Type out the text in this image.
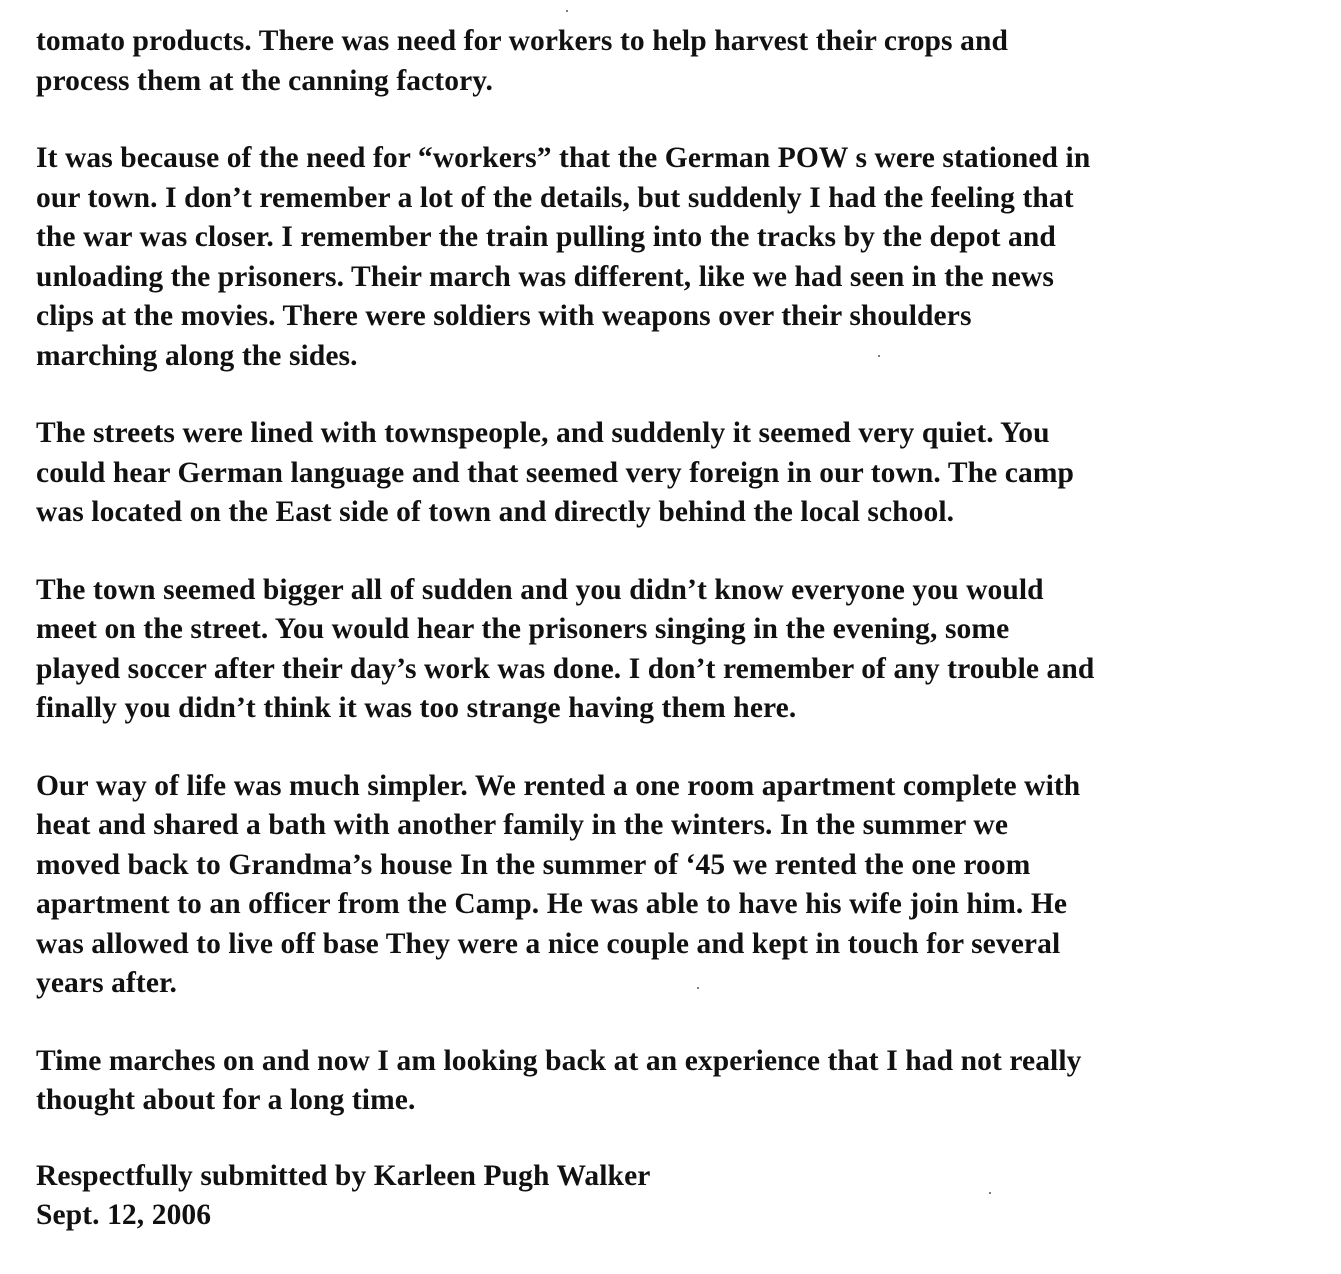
tomato products. There was need for workers to help harvest their crops and
process them at the canning factory.

It was because of the need for “workers” that the German POW s were stationed in
our town. I don’t remember a lot of the details, but suddenly I had the feeling that
the war was closer. I remember the train pulling into the tracks by the depot and
unloading the prisoners. Their march was different, like we had seen in the news
clips at the movies. There were soldiers with weapons over their shoulders
marching along the sides.

The streets were lined with townspeople, and suddenly it seemed very quiet. You
could hear German language and that seemed very foreign in our town. The camp
was located on the East side of town and directly behind the local school.

The town seemed bigger all of sudden and you didn’t know everyone you would
meet on the street. You would hear the prisoners singing in the evening, some
played soccer after their day’s work was done. I don’t remember of any trouble and
finally you didn’t think it was too strange having them here.

Our way of life was much simpler. We rented a one room apartment complete with
heat and shared a bath with another family in the winters. In the summer we
moved back to Grandma’s house In the summer of ‘45 we rented the one room
apartment to an officer from the Camp. He was able to have his wife join him. He
was allowed to live off base They were a nice couple and kept in touch for several
years after.

Time marches on and now I am looking back at an experience that I had not really
thought about for a long time.

Respectfully submitted by Karleen Pugh Walker
Sept. 12, 2006
